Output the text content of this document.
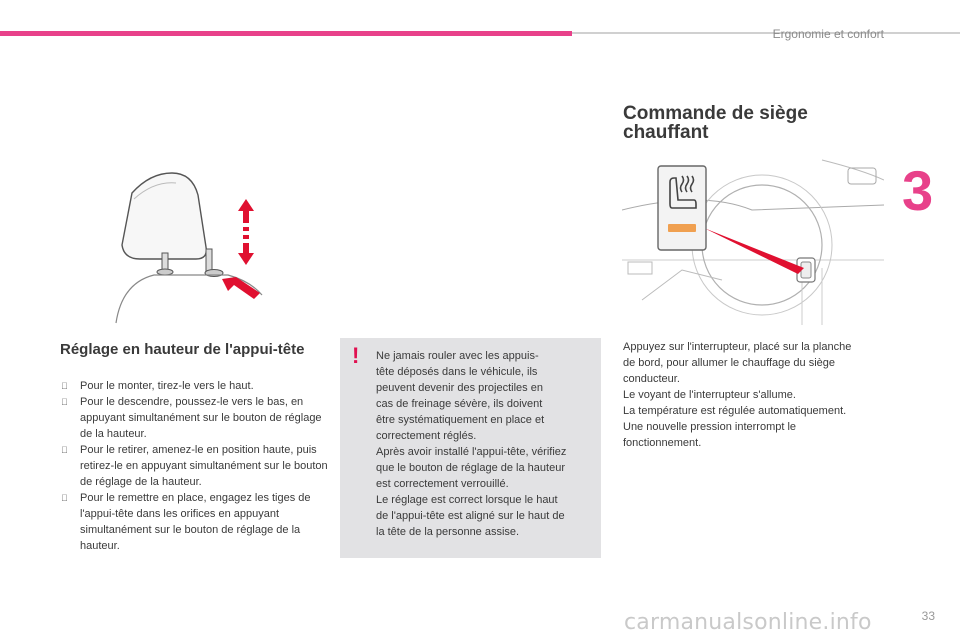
Ergonomie et confort
3
Réglage en hauteur de l'appui-tête
Pour le monter, tirez-le vers le haut.
Pour le descendre, poussez-le vers le bas, en appuyant simultanément sur le bouton de réglage de la hauteur.
Pour le retirer, amenez-le en position haute, puis retirez-le en appuyant simultanément sur le bouton de réglage de la hauteur.
Pour le remettre en place, engagez les tiges de l'appui-tête dans les orifices en appuyant simultanément sur le bouton de réglage de la hauteur.
! Ne jamais rouler avec les appuis-
tête déposés dans le véhicule, ils
peuvent devenir des projectiles en
cas de freinage sévère, ils doivent
être systématiquement en place et
correctement réglés.
Après avoir installé l'appui-tête, vérifiez
que le bouton de réglage de la hauteur
est correctement verrouillé.
Le réglage est correct lorsque le haut
de l'appui-tête est aligné sur le haut de
la tête de la personne assise.

Commande de siège chauffant

Appuyez sur l'interrupteur, placé sur la planche
de bord, pour allumer le chauffage du siège
conducteur.
Le voyant de l'interrupteur s'allume.
La température est régulée automatiquement.
Une nouvelle pression interrompt le
fonctionnement.

33
carmanualsonline.info
